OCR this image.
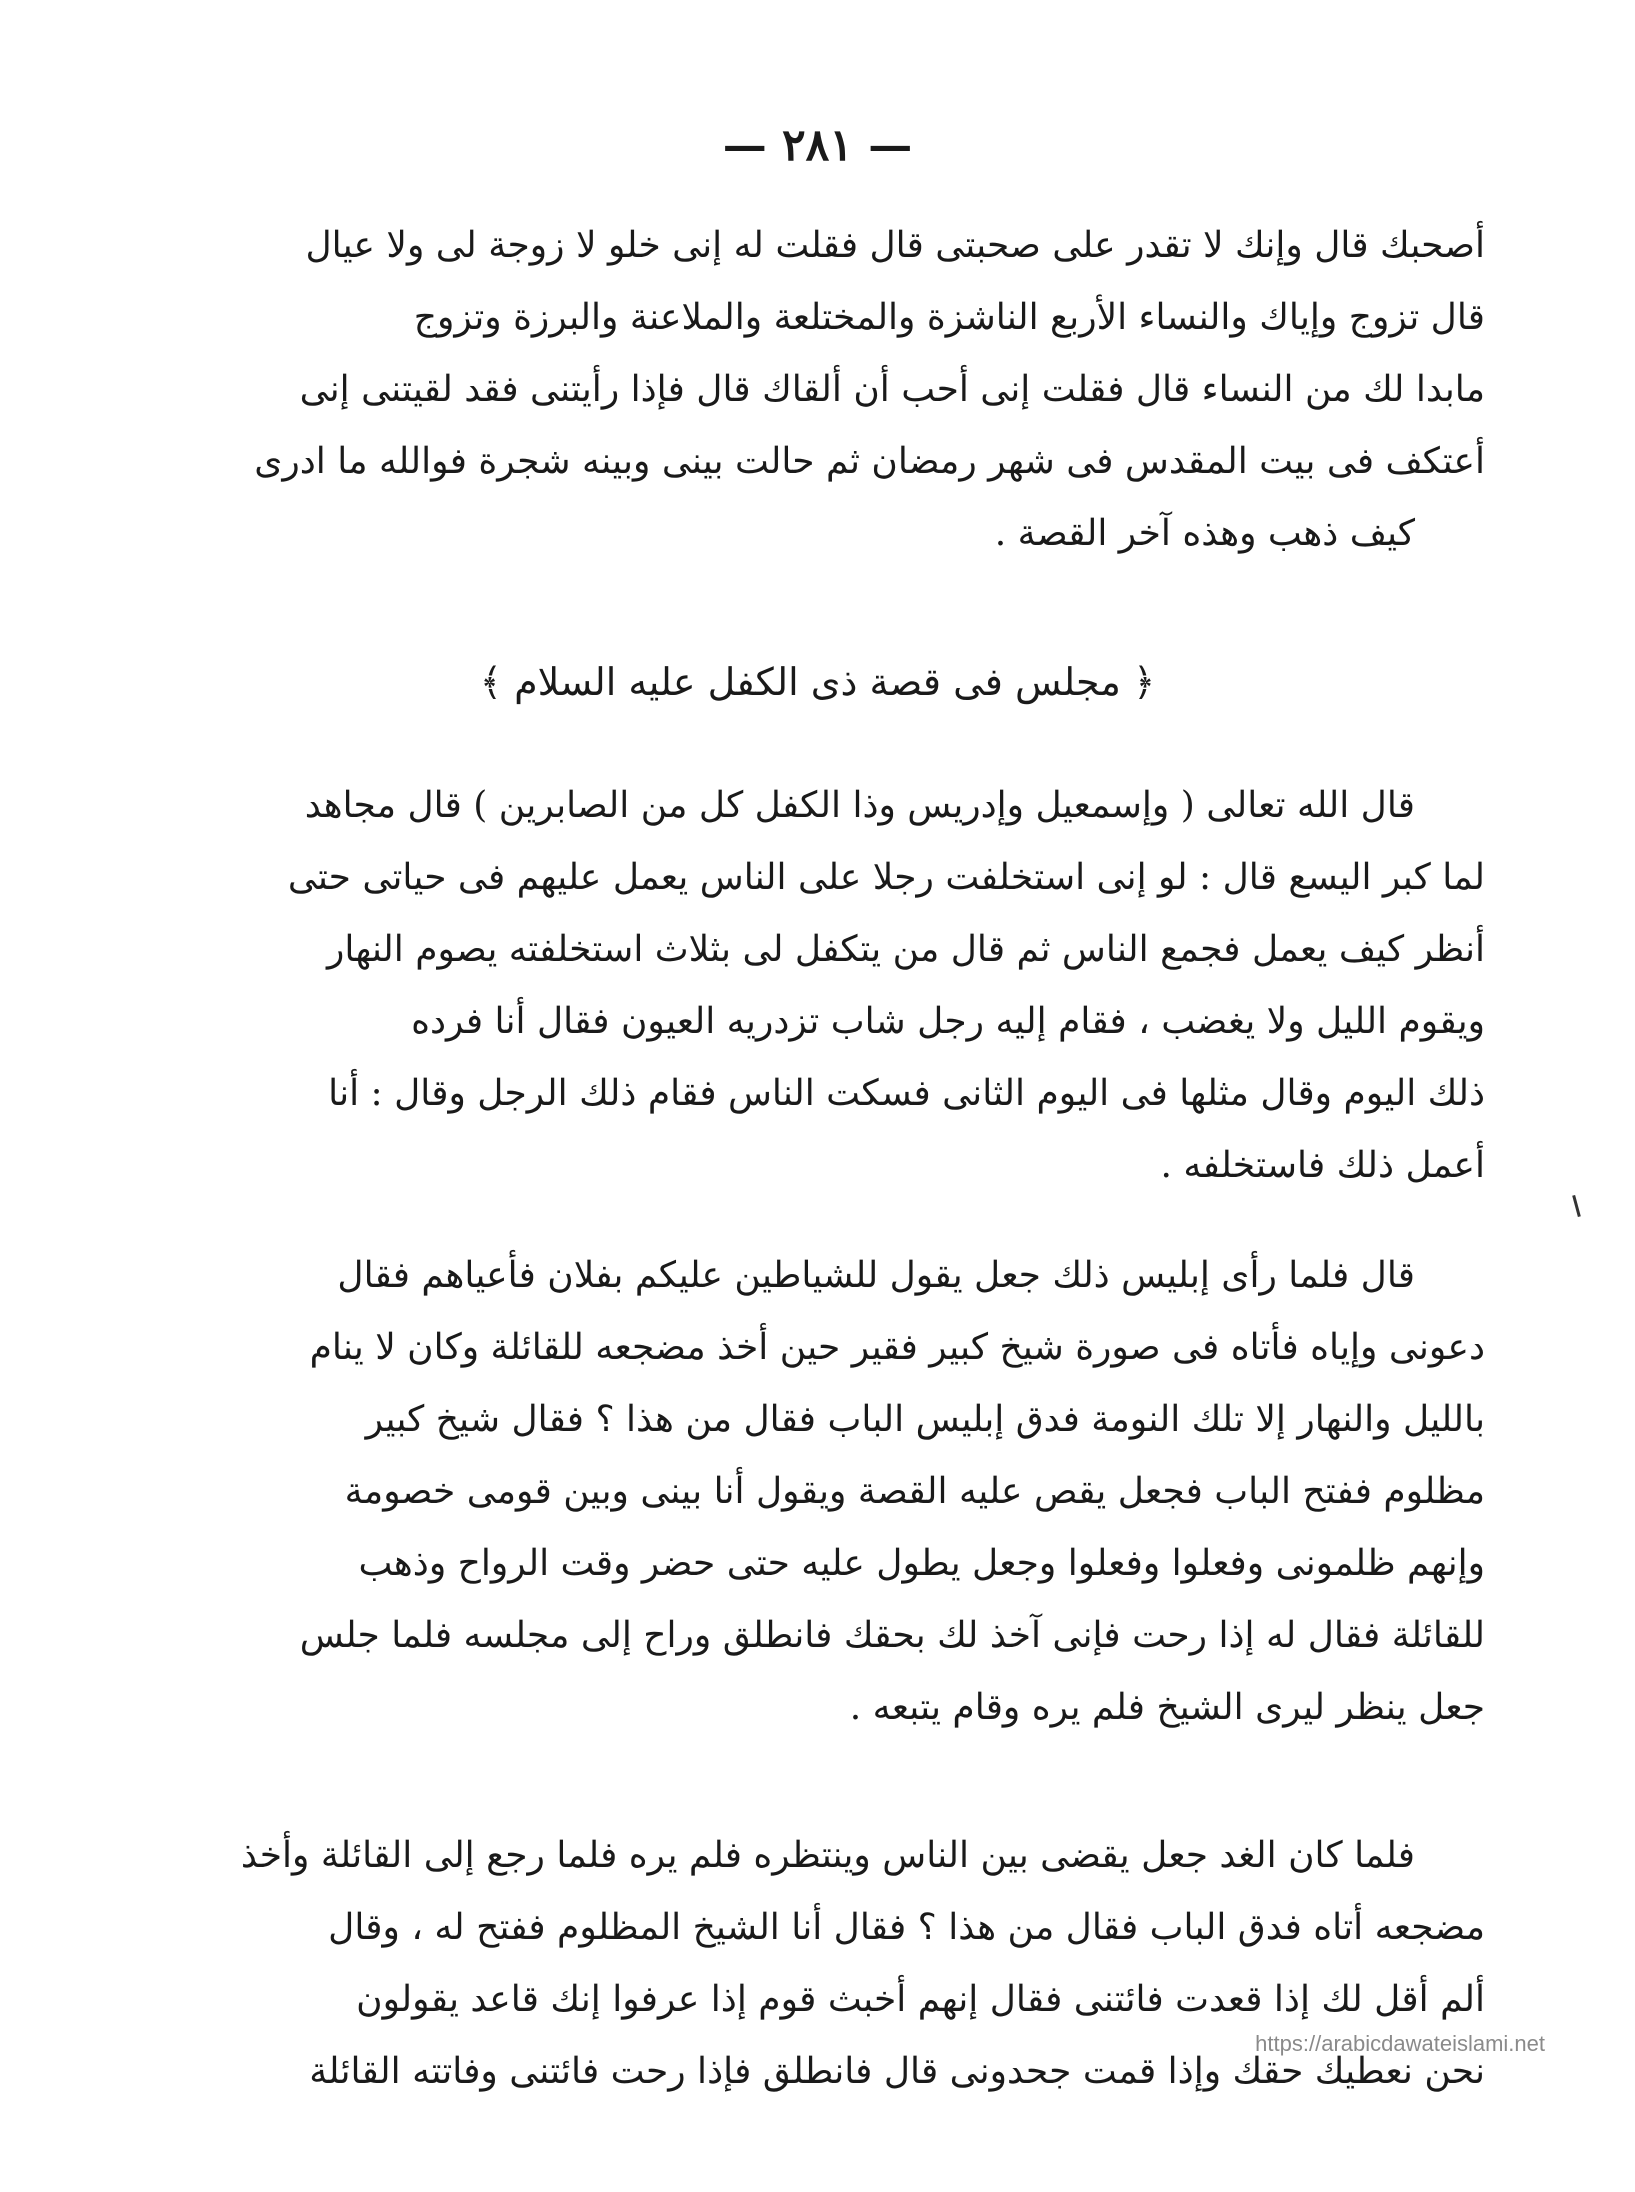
— ٢٨١ —
أصحبك قال وإنك لا تقدر على صحبتى قال فقلت له إنى خلو لا زوجة لى ولا عيال
قال تزوج وإياك والنساء الأربع الناشزة والمختلعة والملاعنة والبرزة وتزوج
مابدا لك من النساء قال فقلت إنى أحب أن ألقاك قال فإذا رأيتنى فقد لقيتنى إنى
أعتكف فى بيت المقدس فى شهر رمضان ثم حالت بينى وبينه شجرة فوالله ما ادرى
كيف ذهب وهذه آخر القصة .
﴿ مجلس فى قصة ذى الكفل عليه السلام ﴾
قال الله تعالى ( وإسمعيل وإدريس وذا الكفل كل من الصابرين ) قال مجاهد
لما كبر اليسع قال : لو إنى استخلفت رجلا على الناس يعمل عليهم فى حياتى حتى
أنظر كيف يعمل فجمع الناس ثم قال من يتكفل لى بثلاث استخلفته يصوم النهار
ويقوم الليل ولا يغضب ، فقام إليه رجل شاب تزدريه العيون فقال أنا فرده
ذلك اليوم وقال مثلها فى اليوم الثانى فسكت الناس فقام ذلك الرجل وقال : أنا
أعمل ذلك فاستخلفه .
قال فلما رأى إبليس ذلك جعل يقول للشياطين عليكم بفلان فأعياهم فقال
دعونى وإياه فأتاه فى صورة شيخ كبير فقير حين أخذ مضجعه للقائلة وكان لا ينام
بالليل والنهار إلا تلك النومة فدق إبليس الباب فقال من هذا ؟ فقال شيخ كبير
مظلوم ففتح الباب فجعل يقص عليه القصة ويقول أنا بينى وبين قومى خصومة
وإنهم ظلمونى وفعلوا وفعلوا وجعل يطول عليه حتى حضر وقت الرواح وذهب
للقائلة فقال له إذا رحت فإنى آخذ لك بحقك فانطلق وراح إلى مجلسه فلما جلس
جعل ينظر ليرى الشيخ فلم يره وقام يتبعه .
فلما كان الغد جعل يقضى بين الناس وينتظره فلم يره فلما رجع إلى القائلة وأخذ
مضجعه أتاه فدق الباب فقال من هذا ؟ فقال أنا الشيخ المظلوم ففتح له ، وقال
ألم أقل لك إذا قعدت فائتنى فقال إنهم أخبث قوم إذا عرفوا إنك قاعد يقولون
نحن نعطيك حقك وإذا قمت جحدونى قال فانطلق فإذا رحت فائتنى وفاتته القائلة
https://arabicdawateislami.net
